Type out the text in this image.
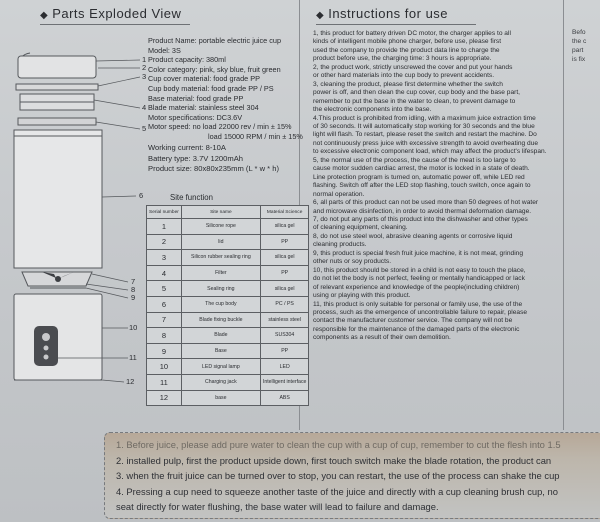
◆ Parts Exploded View
1
2
3
4
5
6
7
8
9
10
11
12
Product Name: portable electric juice cup
Model: 3S
Product capacity: 380ml
Color category: pink, sky blue, fruit green
Cup cover material: food grade PP
Cup body material: food grade PP / PS
Base material: food grade PP
Blade material: stainless steel 304
Motor specifications: DC3.6V
Motor speed: no load 22000 rev / min ± 15%
load 15000 RPM / min ± 15%
Working current: 8-10A
Battery type: 3.7V 1200mAh
Product size: 80x80x235mm (L * w * h)
Site function
Serial number	Site name	Material Science
1	Silicone rope	silica gel
2	lid	PP
3	Silicon rubber sealing ring	silica gel
4	Filter	PP
5	Sealing ring	silica gel
6	The cup body	PC / PS
7	Blade fixing buckle	stainless steel
8	Blade	SUS304
9	Base	PP
10	LED signal lamp	LED
11	Charging jack	Intelligent interface
12	base	ABS
◆ Instructions for use
1, this product for battery driven DC motor, the charger applies to all
kinds of intelligent mobile phone charger, before use, please first
used the company to provide the product data line to charge the
product before use, the charging time: 3 hours is appropriate.
2, the product work, strictly unscrewed the cover and put your hands
or other hard materials into the cup body to prevent accidents.
3, cleaning the product, please first determine whether the switch
power is off, and then clean the cup cover, cup body and the base part,
remember to put the base in the water to clean, to prevent damage to
the electronic components into the base.
4.This product is prohibited from idling, with a maximum juice extraction time
of 30 seconds. It will automatically stop working for 30 seconds and the blue
light will flash. To restart, please reset the switch and restart the machine. Do
not continuously press juice with excessive strength to avoid overheating due
to excessive electronic component load, which may affect the product's lifespan.
5, the normal use of the process, the cause of the meat is too large to
cause motor sudden cardiac arrest, the motor is locked in a state of death.
Line protection program is turned on, automatic power off, while LED red
flashing. Switch off after the LED stop flashing, touch switch, once again to
normal operation.
6, all parts of this product can not be used more than 50 degrees of hot water
and microwave disinfection, in order to avoid thermal deformation damage.
7, do not put any parts of this product into the dishwasher and other types
of cleaning equipment, cleaning.
8, do not use steel wool, abrasive cleaning agents or corrosive liquid
cleaning products.
9, this product is special fresh fruit juice machine, it is not meat, grinding
other nuts or soy products.
10, this product should be stored in a child is not easy to touch the place,
do not let the body is not perfect, feeling or mentally handicapped or lack
of relevant experience and knowledge of the people(including children)
using or playing with this product.
11, this product is only suitable for personal or family use, the use of the
process, such as the emergence of uncontrollable failure to repair, please
contact the manufacturer customer service. The company will not be
responsible for the maintenance of the damaged parts of the electronic
components as a result of their own demolition.
Befo
the c
part
is fix
1. Before juice, please add pure water to clean the cup with a cup of cup, remember to cut the flesh into 1.5
2. installed pulp, first the product upside down, first touch switch make the blade rotation, the product can
3. when the fruit juice can be turned over to stop, you can restart, the use of the process can shake the cup
4. Pressing a cup need to squeeze another taste of the juice and directly with a cup cleaning brush cup, no
seat directly for water flushing, the base water will lead to failure and damage.
